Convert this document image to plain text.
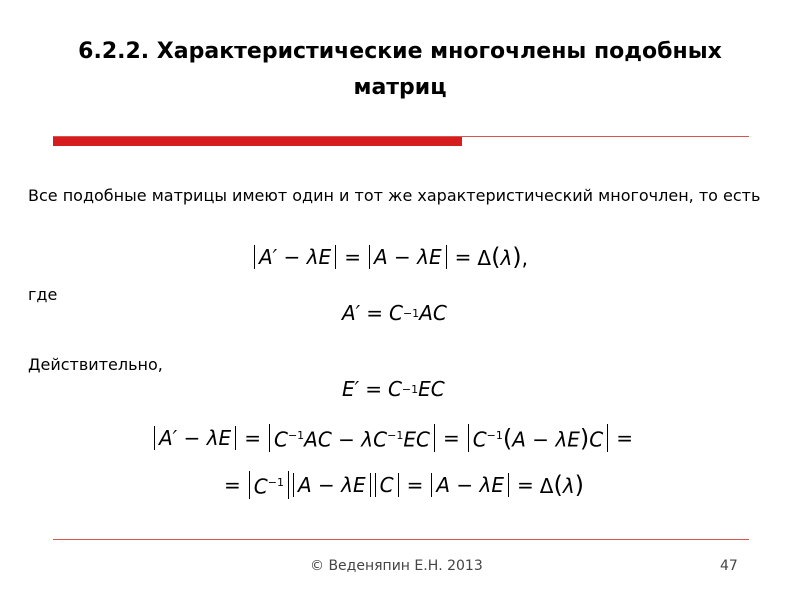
6.2.2. Характеристические многочлены подобных матриц
Все подобные матрицы имеют один и тот же характеристический многочлен, то есть
A′ − λE = A − λE = Δ(λ),
где
A′ = C −1 AC
Действительно,
E′ = C −1 EC
$A' - \lambda E = C^{-1}AC - \lambda C^{-1}EC = C^{-1}(A - \lambda E)C$ =
= $C^{-1}$ A − λE C = A − λE = Δ(λ)
© Веденяпин Е.Н. 2013	47
